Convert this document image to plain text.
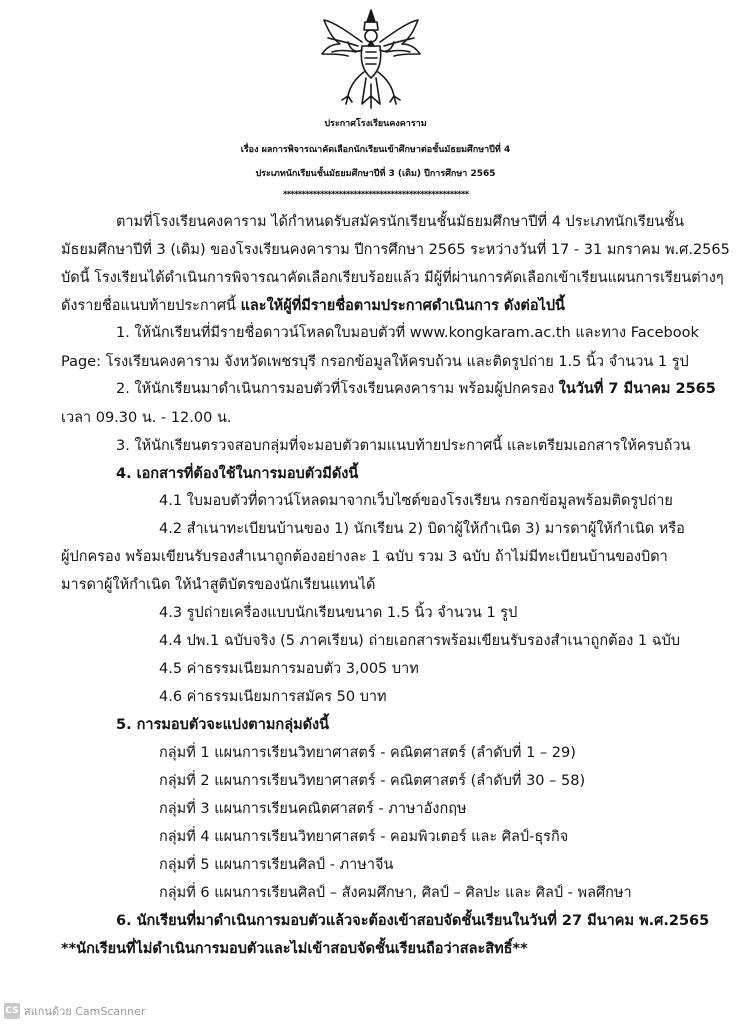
ประกาศโรงเรียนคงคาราม
เรื่อง ผลการพิจารณาคัดเลือกนักเรียนเข้าศึกษาต่อชั้นมัธยมศึกษาปีที่ 4
ประเภทนักเรียนชั้นมัธยมศึกษาปีที่ 3 (เดิม) ปีการศึกษา 2565
**************************************************
ตามที่โรงเรียนคงคาราม ได้กำหนดรับสมัครนักเรียนชั้นมัธยมศึกษาปีที่ 4 ประเภทนักเรียนชั้น
มัธยมศึกษาปีที่ 3 (เดิม) ของโรงเรียนคงคาราม ปีการศึกษา 2565 ระหว่างวันที่ 17 - 31 มกราคม พ.ศ.2565
บัดนี้ โรงเรียนได้ดำเนินการพิจารณาคัดเลือกเรียบร้อยแล้ว มีผู้ที่ผ่านการคัดเลือกเข้าเรียนแผนการเรียนต่างๆ
ดังรายชื่อแนบท้ายประกาศนี้ และให้ผู้ที่มีรายชื่อตามประกาศดำเนินการ ดังต่อไปนี้
1. ให้นักเรียนที่มีรายชื่อดาวน์โหลดใบมอบตัวที่ www.kongkaram.ac.th และทาง Facebook
Page: โรงเรียนคงคาราม จังหวัดเพชรบุรี กรอกข้อมูลให้ครบถ้วน และติดรูปถ่าย 1.5 นิ้ว จำนวน 1 รูป
2. ให้นักเรียนมาดำเนินการมอบตัวที่โรงเรียนคงคาราม พร้อมผู้ปกครอง ในวันที่ 7 มีนาคม 2565
เวลา 09.30 น. - 12.00 น.
3. ให้นักเรียนตรวจสอบกลุ่มที่จะมอบตัวตามแนบท้ายประกาศนี้ และเตรียมเอกสารให้ครบถ้วน
4. เอกสารที่ต้องใช้ในการมอบตัวมีดังนี้
4.1 ใบมอบตัวที่ดาวน์โหลดมาจากเว็บไซต์ของโรงเรียน กรอกข้อมูลพร้อมติดรูปถ่าย
4.2 สำเนาทะเบียนบ้านของ 1) นักเรียน 2) บิดาผู้ให้กำเนิด 3) มารดาผู้ให้กำเนิด หรือ
ผู้ปกครอง พร้อมเขียนรับรองสำเนาถูกต้องอย่างละ 1 ฉบับ รวม 3 ฉบับ ถ้าไม่มีทะเบียนบ้านของบิดา
มารดาผู้ให้กำเนิด ให้นำสูติบัตรของนักเรียนแทนได้
4.3 รูปถ่ายเครื่องแบบนักเรียนขนาด 1.5 นิ้ว จำนวน 1 รูป
4.4 ปพ.1 ฉบับจริง (5 ภาคเรียน) ถ่ายเอกสารพร้อมเขียนรับรองสำเนาถูกต้อง 1 ฉบับ
4.5 ค่าธรรมเนียมการมอบตัว 3,005 บาท
4.6 ค่าธรรมเนียมการสมัคร 50 บาท
5. การมอบตัวจะแบ่งตามกลุ่มดังนี้
กลุ่มที่ 1 แผนการเรียนวิทยาศาสตร์ - คณิตศาสตร์ (ลำดับที่ 1 – 29)
กลุ่มที่ 2 แผนการเรียนวิทยาศาสตร์ - คณิตศาสตร์ (ลำดับที่ 30 – 58)
กลุ่มที่ 3 แผนการเรียนคณิตศาสตร์ - ภาษาอังกฤษ
กลุ่มที่ 4 แผนการเรียนวิทยาศาสตร์ - คอมพิวเตอร์ และ ศิลป์-ธุรกิจ
กลุ่มที่ 5 แผนการเรียนศิลป์ - ภาษาจีน
กลุ่มที่ 6 แผนการเรียนศิลป์ – สังคมศึกษา, ศิลป์ – ศิลปะ และ ศิลป์ - พลศึกษา
6. นักเรียนที่มาดำเนินการมอบตัวแล้วจะต้องเข้าสอบจัดชั้นเรียนในวันที่ 27 มีนาคม พ.ศ.2565
**นักเรียนที่ไม่ดำเนินการมอบตัวและไม่เข้าสอบจัดชั้นเรียนถือว่าสละสิทธิ์**
CS สแกนด้วย CamScanner
